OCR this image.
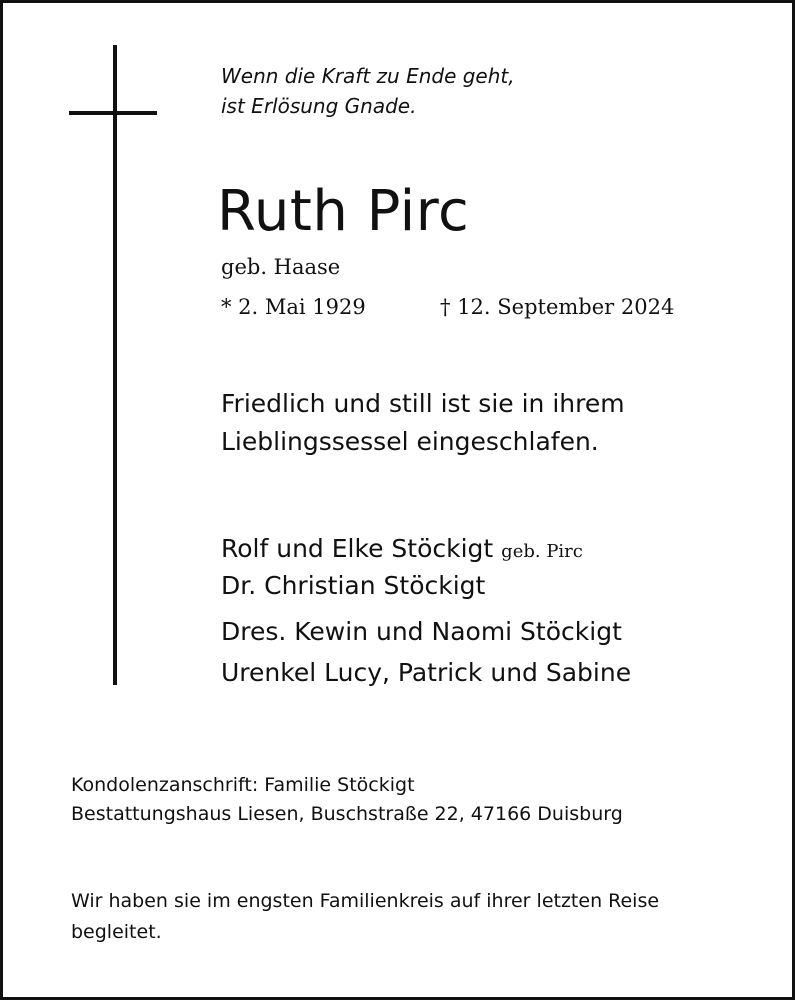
Wenn die Kraft zu Ende geht,
ist Erlösung Gnade.
Ruth Pirc
geb. Haase
* 2. Mai 1929	† 12. September 2024
Friedlich und still ist sie in ihrem
Lieblingssessel eingeschlafen.
Rolf und Elke Stöckigt geb. Pirc
Dr. Christian Stöckigt
Dres. Kewin und Naomi Stöckigt
Urenkel Lucy, Patrick und Sabine
Kondolenzanschrift: Familie Stöckigt
Bestattungshaus Liesen, Buschstraße 22, 47166 Duisburg
Wir haben sie im engsten Familienkreis auf ihrer letzten Reise
begleitet.
